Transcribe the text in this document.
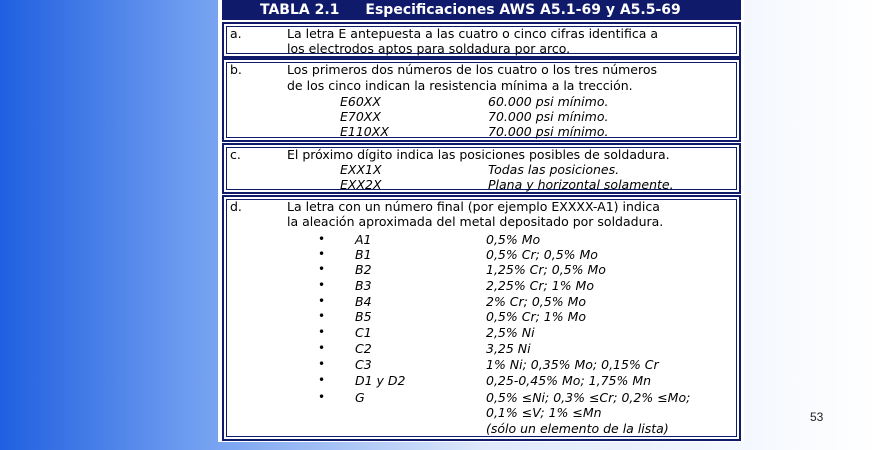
TABLA 2.1 Especificaciones AWS A5.1-69 y A5.5-69
a.	La letra E antepuesta a las cuatro o cinco cifras identifica a
los electrodos aptos para soldadura por arco.
b.	Los primeros dos números de los cuatro o los tres números
de los cinco indican la resistencia mínima a la trección.
E60XX	60.000 psi mínimo.
E70XX	70.000 psi mínimo.
E110XX	70.000 psi mínimo.
c.	El próximo dígito indica las posiciones posibles de soldadura.
EXX1X	Todas las posiciones.
EXX2X	Plana y horizontal solamente.
d.	La letra con un número final (por ejemplo EXXXX-A1) indica
la aleación aproximada del metal depositado por soldadura.
• A1	0,5% Mo
• B1	0,5% Cr; 0,5% Mo
• B2	1,25% Cr; 0,5% Mo
• B3	2,25% Cr; 1% Mo
• B4	2% Cr; 0,5% Mo
• B5	0,5% Cr; 1% Mo
• C1	2,5% Ni
• C2	3,25 Ni
• C3	1% Ni; 0,35% Mo; 0,15% Cr
• D1 y D2	0,25-0,45% Mo; 1,75% Mn
• G	0,5% ≤Ni; 0,3% ≤Cr; 0,2% ≤Mo;
0,1% ≤V; 1% ≤Mn
(sólo un elemento de la lista)
53
